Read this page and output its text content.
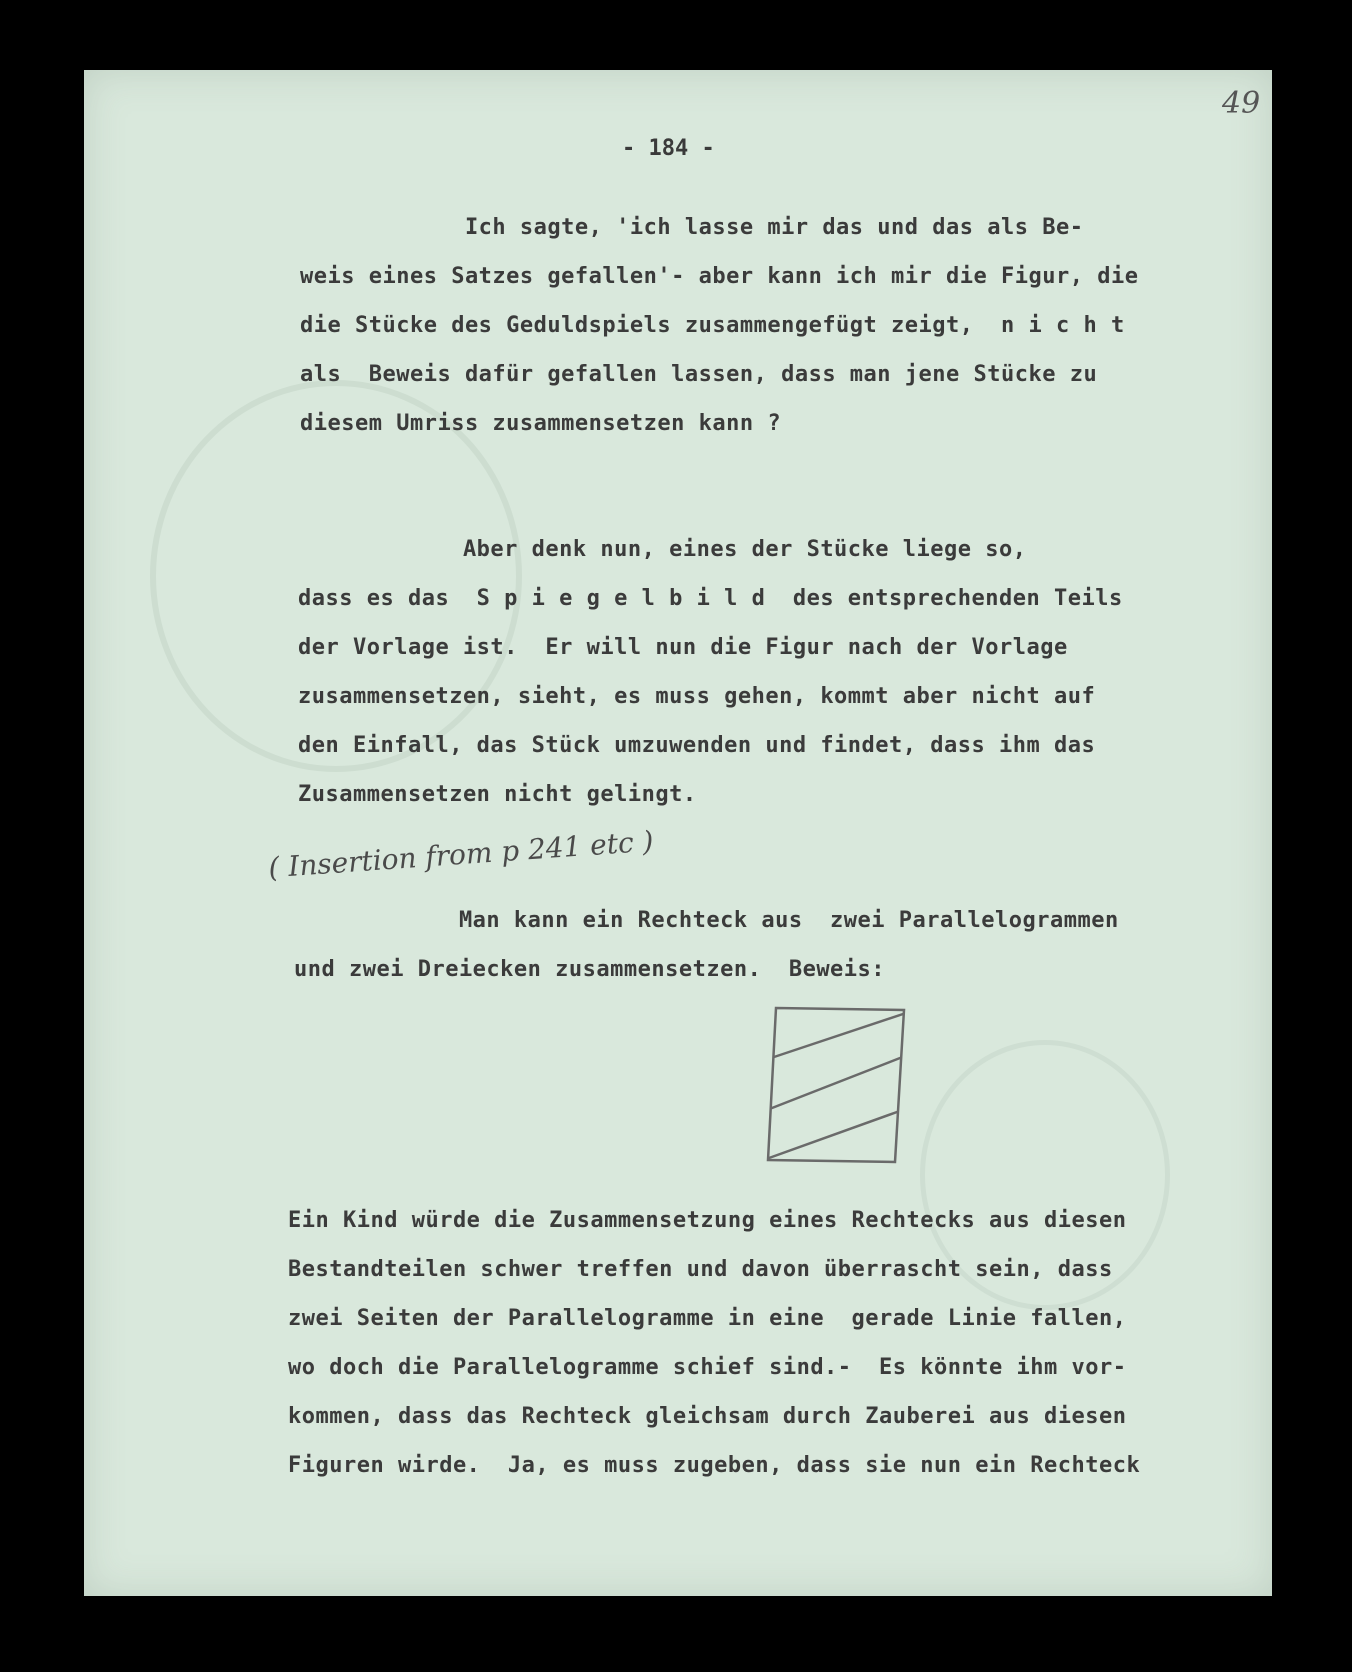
49
- 184 -
Ich sagte, 'ich lasse mir das und das als Be-
weis eines Satzes gefallen'- aber kann ich mir die Figur, die
die Stücke des Geduldspiels zusammengefügt zeigt,  n i c h t
als  Beweis dafür gefallen lassen, dass man jene Stücke zu
diesem Umriss zusammensetzen kann ?
Aber denk nun, eines der Stücke liege so,
dass es das  S p i e g e l b i l d  des entsprechenden Teils
der Vorlage ist.  Er will nun die Figur nach der Vorlage
zusammensetzen, sieht, es muss gehen, kommt aber nicht auf
den Einfall, das Stück umzuwenden und findet, dass ihm das
Zusammensetzen nicht gelingt.
( Insertion from p 241 etc )
Man kann ein Rechteck aus  zwei Parallelogrammen
und zwei Dreiecken zusammensetzen.  Beweis:
Ein Kind würde die Zusammensetzung eines Rechtecks aus diesen
Bestandteilen schwer treffen und davon überrascht sein, dass
zwei Seiten der Parallelogramme in eine  gerade Linie fallen,
wo doch die Parallelogramme schief sind.-  Es könnte ihm vor-
kommen, dass das Rechteck gleichsam durch Zauberei aus diesen
Figuren wirde.  Ja, es muss zugeben, dass sie nun ein Rechteck
